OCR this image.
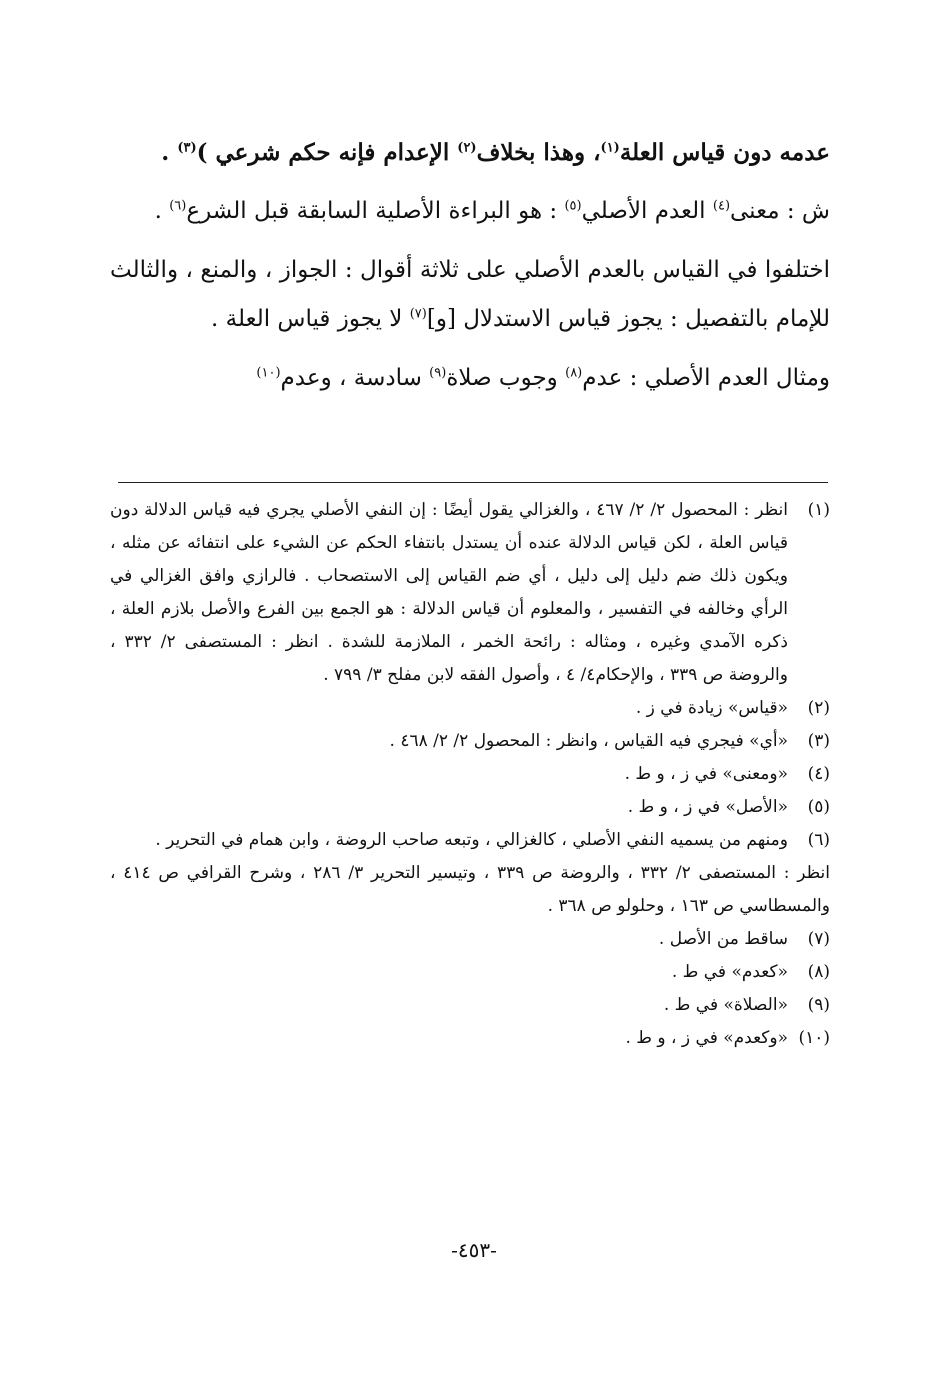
عدمه دون قياس العلة$^{(١)}$، وهذا بخلاف$^{(٢)}$ الإعدام فإنه حكم شرعي )$^{(٣)}$ .

ش : معنى$^{(٤)}$ العدم الأصلي$^{(٥)}$ : هو البراءة الأصلية السابقة قبل الشرع$^{(٦)}$ .

اختلفوا في القياس بالعدم الأصلي على ثلاثة أقوال : الجواز ، والمنع ، والثالث للإمام بالتفصيل : يجوز قياس الاستدلال [و]$^{(٧)}$ لا يجوز قياس العلة .

ومثال العدم الأصلي : عدم$^{(٨)}$ وجوب صلاة$^{(٩)}$ سادسة ، وعدم$^{(١٠)}$

(١)
انظر : المحصول ٢/ ٢/ ٤٦٧ ، والغزالي يقول أيضًا : إن النفي الأصلي يجري فيه قياس الدلالة دون قياس العلة ، لكن قياس الدلالة عنده أن يستدل بانتفاء الحكم عن الشيء على انتفائه عن مثله ، ويكون ذلك ضم دليل إلى دليل ، أي ضم القياس إلى الاستصحاب . فالرازي وافق الغزالي في الرأي وخالفه في التفسير ، والمعلوم أن قياس الدلالة : هو الجمع بين الفرع والأصل بلازم العلة ، ذكره الآمدي وغيره ، ومثاله : رائحة الخمر ، الملازمة للشدة . انظر : المستصفى ٢/ ٣٣٢ ، والروضة ص ٣٣٩ ، والإحكام٤/ ٤ ، وأصول الفقه لابن مفلح ٣/ ٧٩٩ .

(٢)
«قياس» زيادة في ز .

(٣)
«أي» فيجري فيه القياس ، وانظر : المحصول ٢/ ٢/ ٤٦٨ .

(٤)
«ومعنى» في ز ، و ط .

(٥)
«الأصل» في ز ، و ط .

(٦)
ومنهم من يسميه النفي الأصلي ، كالغزالي ، وتبعه صاحب الروضة ، وابن همام في التحرير .

انظر : المستصفى ٢/ ٣٣٢ ، والروضة ص ٣٣٩ ، وتيسير التحرير ٣/ ٢٨٦ ، وشرح القرافي ص ٤١٤ ، والمسطاسي ص ١٦٣ ، وحلولو ص ٣٦٨ .

(٧)
ساقط من الأصل .

(٨)
«كعدم» في ط .

(٩)
«الصلاة» في ط .

(١٠)
«وكعدم» في ز ، و ط .

-٤٥٣-
